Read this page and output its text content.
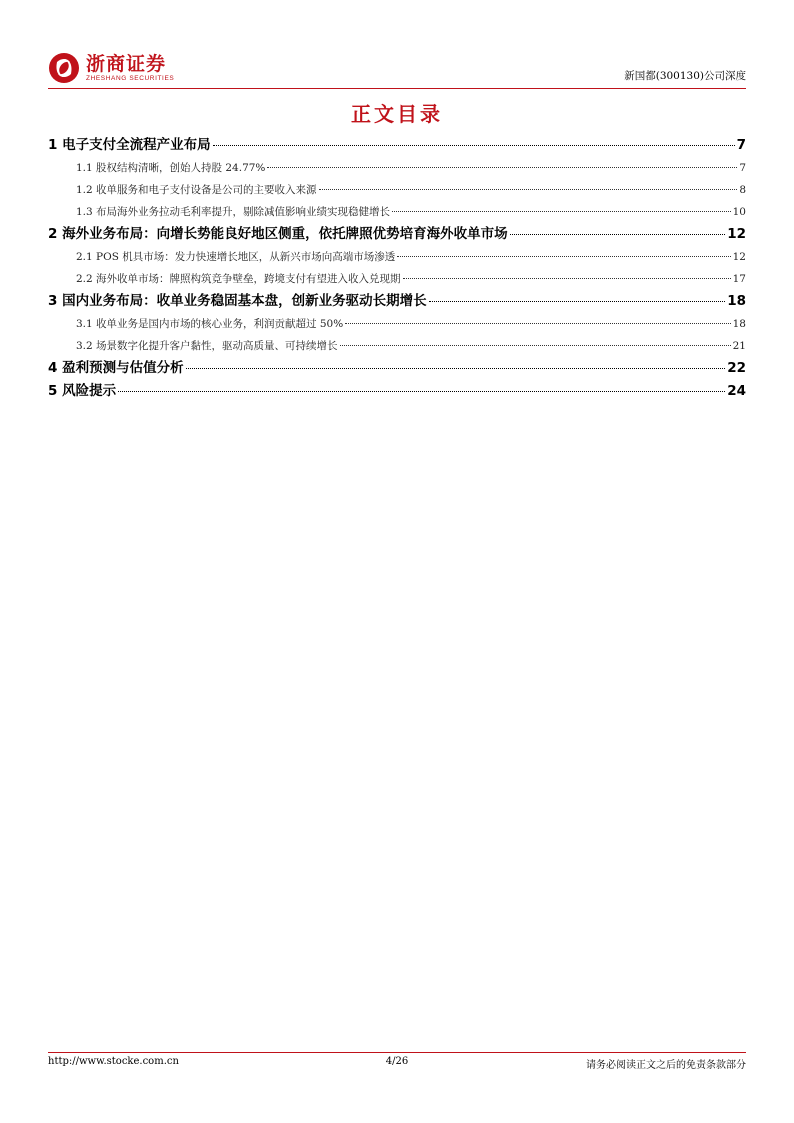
浙商证券
ZHESHANG SECURITIES	新国都(300130)公司深度
正文目录
1 电子支付全流程产业布局	7
1.1 股权结构清晰，创始人持股 24.77%	7
1.2 收单服务和电子支付设备是公司的主要收入来源	8
1.3 布局海外业务拉动毛利率提升，剔除减值影响业绩实现稳健增长	10
2 海外业务布局：向增长势能良好地区侧重，依托牌照优势培育海外收单市场	12
2.1 POS 机具市场：发力快速增长地区，从新兴市场向高端市场渗透	12
2.2 海外收单市场：牌照构筑竞争壁垒，跨境支付有望进入收入兑现期	17
3 国内业务布局：收单业务稳固基本盘，创新业务驱动长期增长	18
3.1 收单业务是国内市场的核心业务，利润贡献超过 50%	18
3.2 场景数字化提升客户黏性，驱动高质量、可持续增长	21
4 盈利预测与估值分析	22
5 风险提示	24
http://www.stocke.com.cn	4/26	请务必阅读正文之后的免责条款部分
